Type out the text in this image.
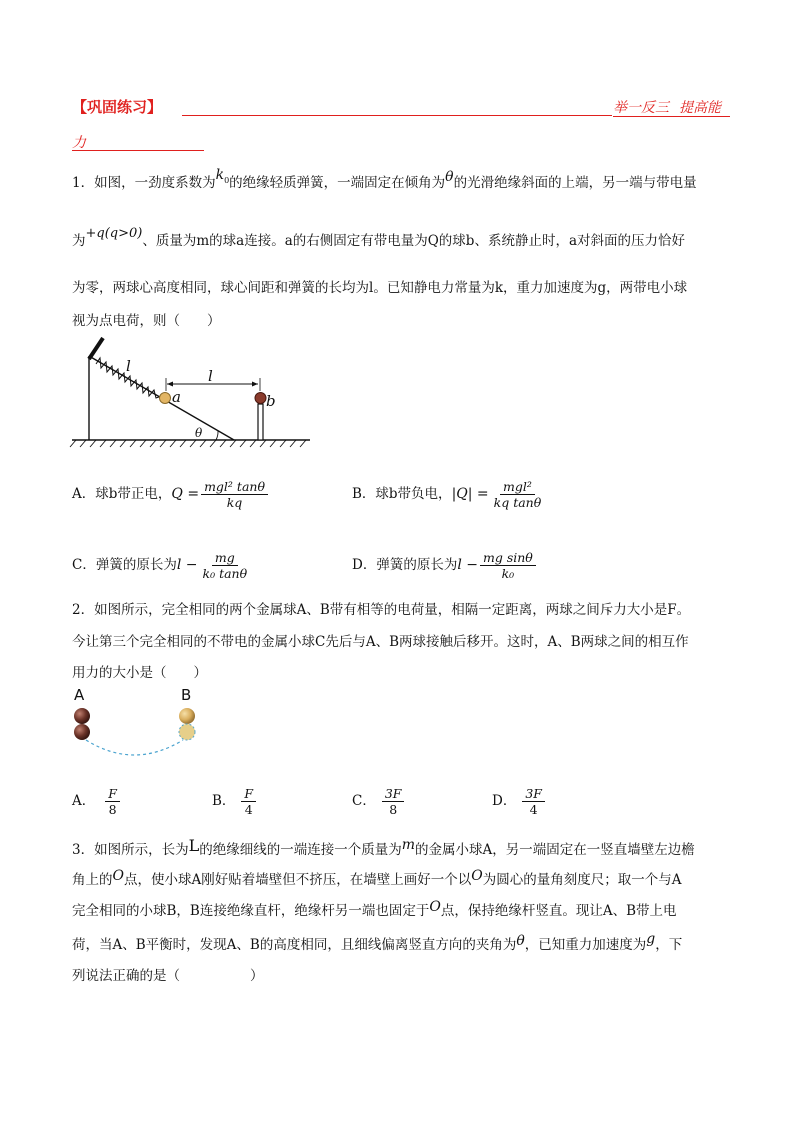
【巩固练习】	举一反三 提高能
力
1．如图，一劲度系数为$k_0$的绝缘轻质弹簧，一端固定在倾角为θ的光滑绝缘斜面的上端，另一端与带电量
为+q(q>0)、质量为m的球a连接。a的右侧固定有带电量为Q的球b、系统静止时，a对斜面的压力恰好
为零，两球心高度相同，球心间距和弹簧的长均为l。已知静电力常量为k，重力加速度为g，两带电小球
视为点电荷，则（　　）
l
l
a	b
θ
A．球b带正电，$Q = \frac{\text{mgl² tanθ}}{kq}$	B．球b带负电，$|Q| = \frac{\text{mgl²}}{\text{kq tanθ}}$
C．弹簧的原长为$l - \frac{mg}{\text{k₀ tanθ}}$	D．弹簧的原长为$l - \frac{\text{mg sinθ}}{\text{k₀}}$
2．如图所示，完全相同的两个金属球A、B带有相等的电荷量，相隔一定距离，两球之间斥力大小是F。
今让第三个完全相同的不带电的金属小球C先后与A、B两球接触后移开。这时，A、B两球之间的相互作
用力的大小是（　　）
A	B
A． $\frac{F}{8}$	B． $\frac{F}{4}$	C． $\frac{3F}{8}$	D． $\frac{3F}{4}$
3．如图所示，长为L的绝缘细线的一端连接一个质量为m的金属小球A，另一端固定在一竖直墙壁左边檐
角上的O点，使小球A刚好贴着墙壁但不挤压，在墙壁上画好一个以O为圆心的量角刻度尺；取一个与A
完全相同的小球B，B连接绝缘直杆，绝缘杆另一端也固定于O点，保持绝缘杆竖直。现让A、B带上电
荷，当A、B平衡时，发现A、B的高度相同，且细线偏离竖直方向的夹角为θ，已知重力加速度为g，下
列说法正确的是（	）
